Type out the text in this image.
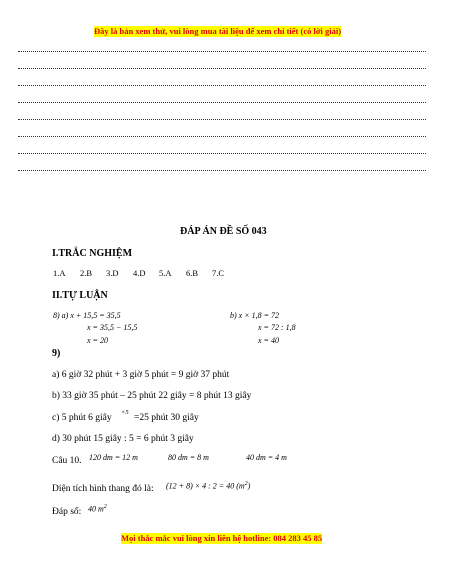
Đây là bản xem thử, vui lòng mua tài liệu để xem chi tiết (có lời giải)
ĐÁP ÁN ĐỀ SỐ 043
I.TRẮC NGHIỆM
1.A 2.B 3.D 4.D 5.A 6.B 7.C
II.TỰ LUẬN
8) a) x + 15,5 = 35,5
x = 35,5 − 15,5
x = 20
b) x × 1,8 = 72
x = 72 : 1,8
x = 40
9)
a) 6 giờ 32 phút + 3 giờ 5 phút = 9 giờ 37 phút
b) 33 giờ 35 phút – 25 phút 22 giây = 8 phút 13 giây
c) 5 phút 6 giây
×5
=25 phút 30 giây
d) 30 phút 15 giây : 5 = 6 phút 3 giây
Câu 10. 120 dm = 12 m	80 dm = 8 m	40 dm = 4 m
Diện tích hình thang đó là: (12 + 8) × 4 : 2 = 40 $(m^2)$
Đáp số: 40 $m^2$
Mọi thắc mắc vui lòng xin liên hệ hotline: 084 283 45 85
